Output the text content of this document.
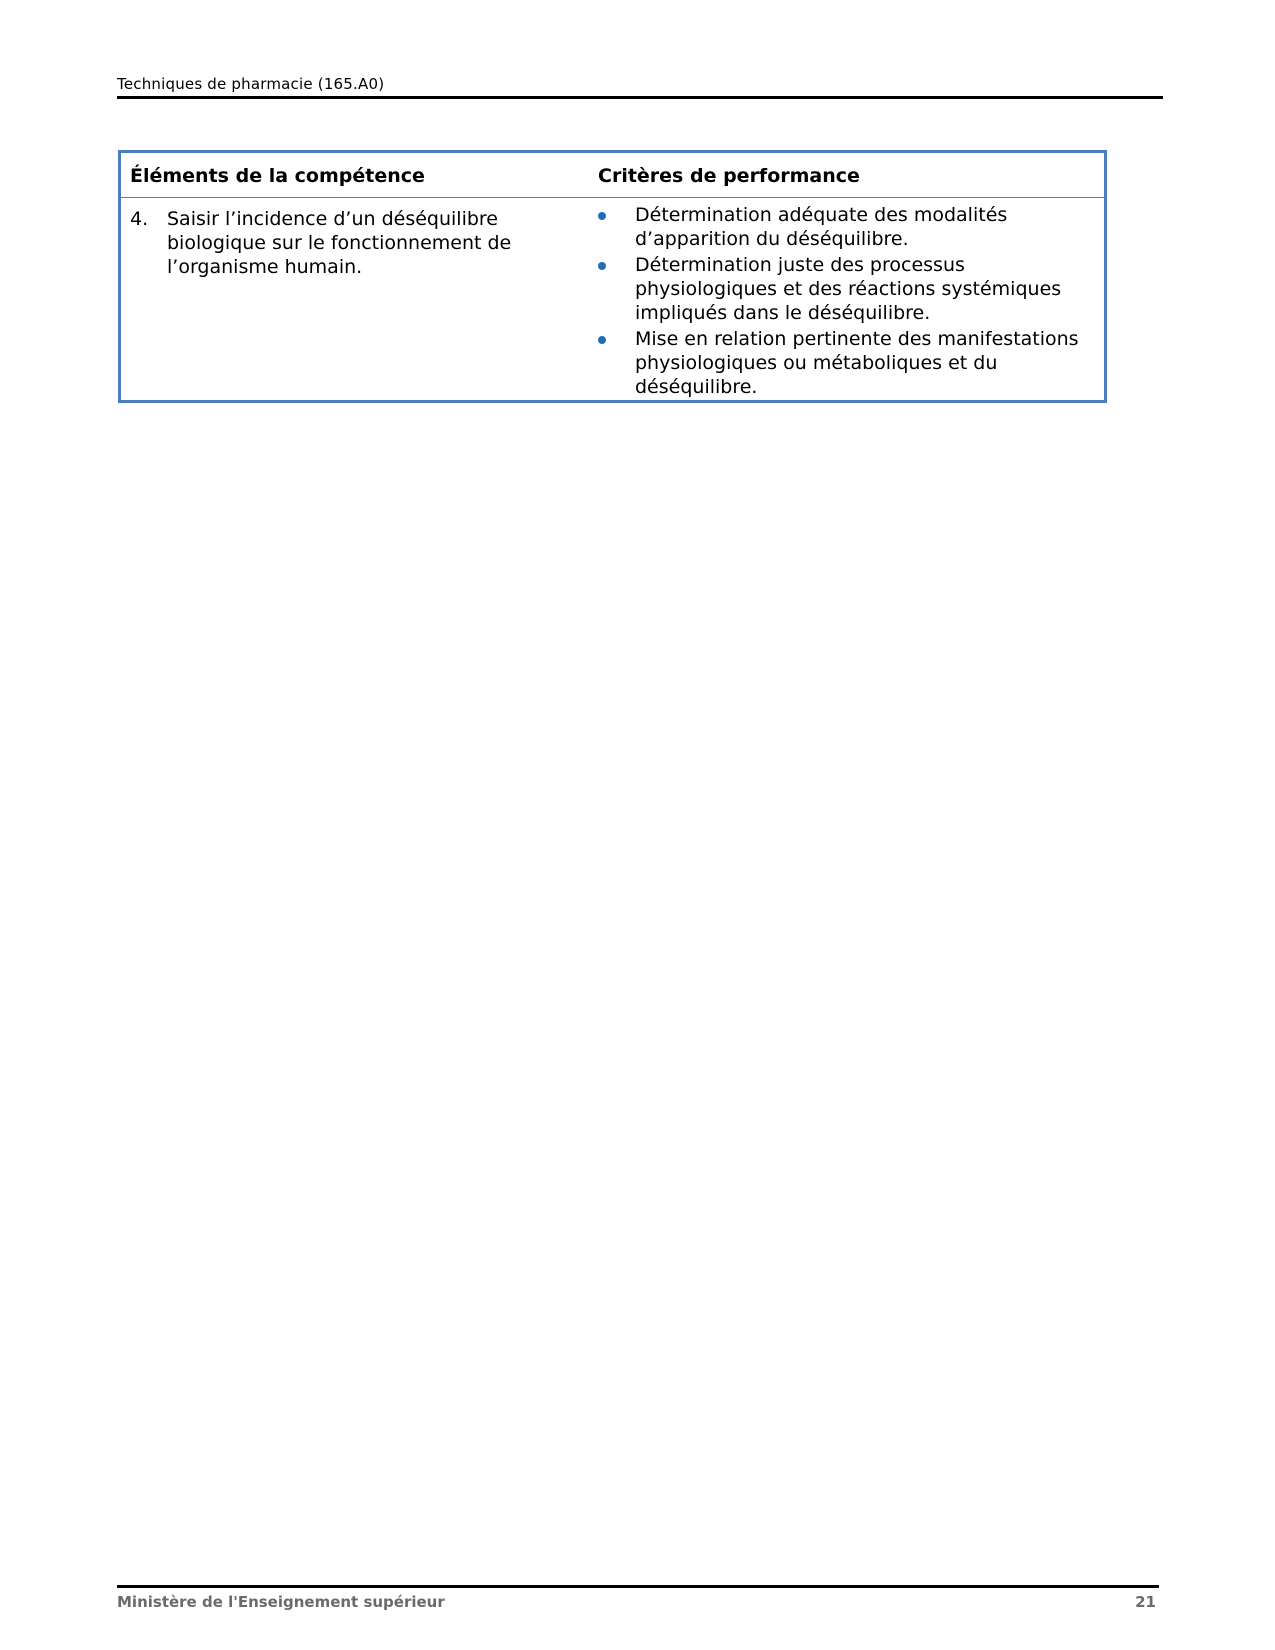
Techniques de pharmacie (165.A0)
Éléments de la compétence	Critères de performance
4. Saisir l’incidence d’un déséquilibre biologique sur le fonctionnement de l’organisme humain.
Détermination adéquate des modalités d’apparition du déséquilibre.
Détermination juste des processus physiologiques et des réactions systémiques impliqués dans le déséquilibre.
Mise en relation pertinente des manifestations physiologiques ou métaboliques et du déséquilibre.
Ministère de l'Enseignement supérieur	21
